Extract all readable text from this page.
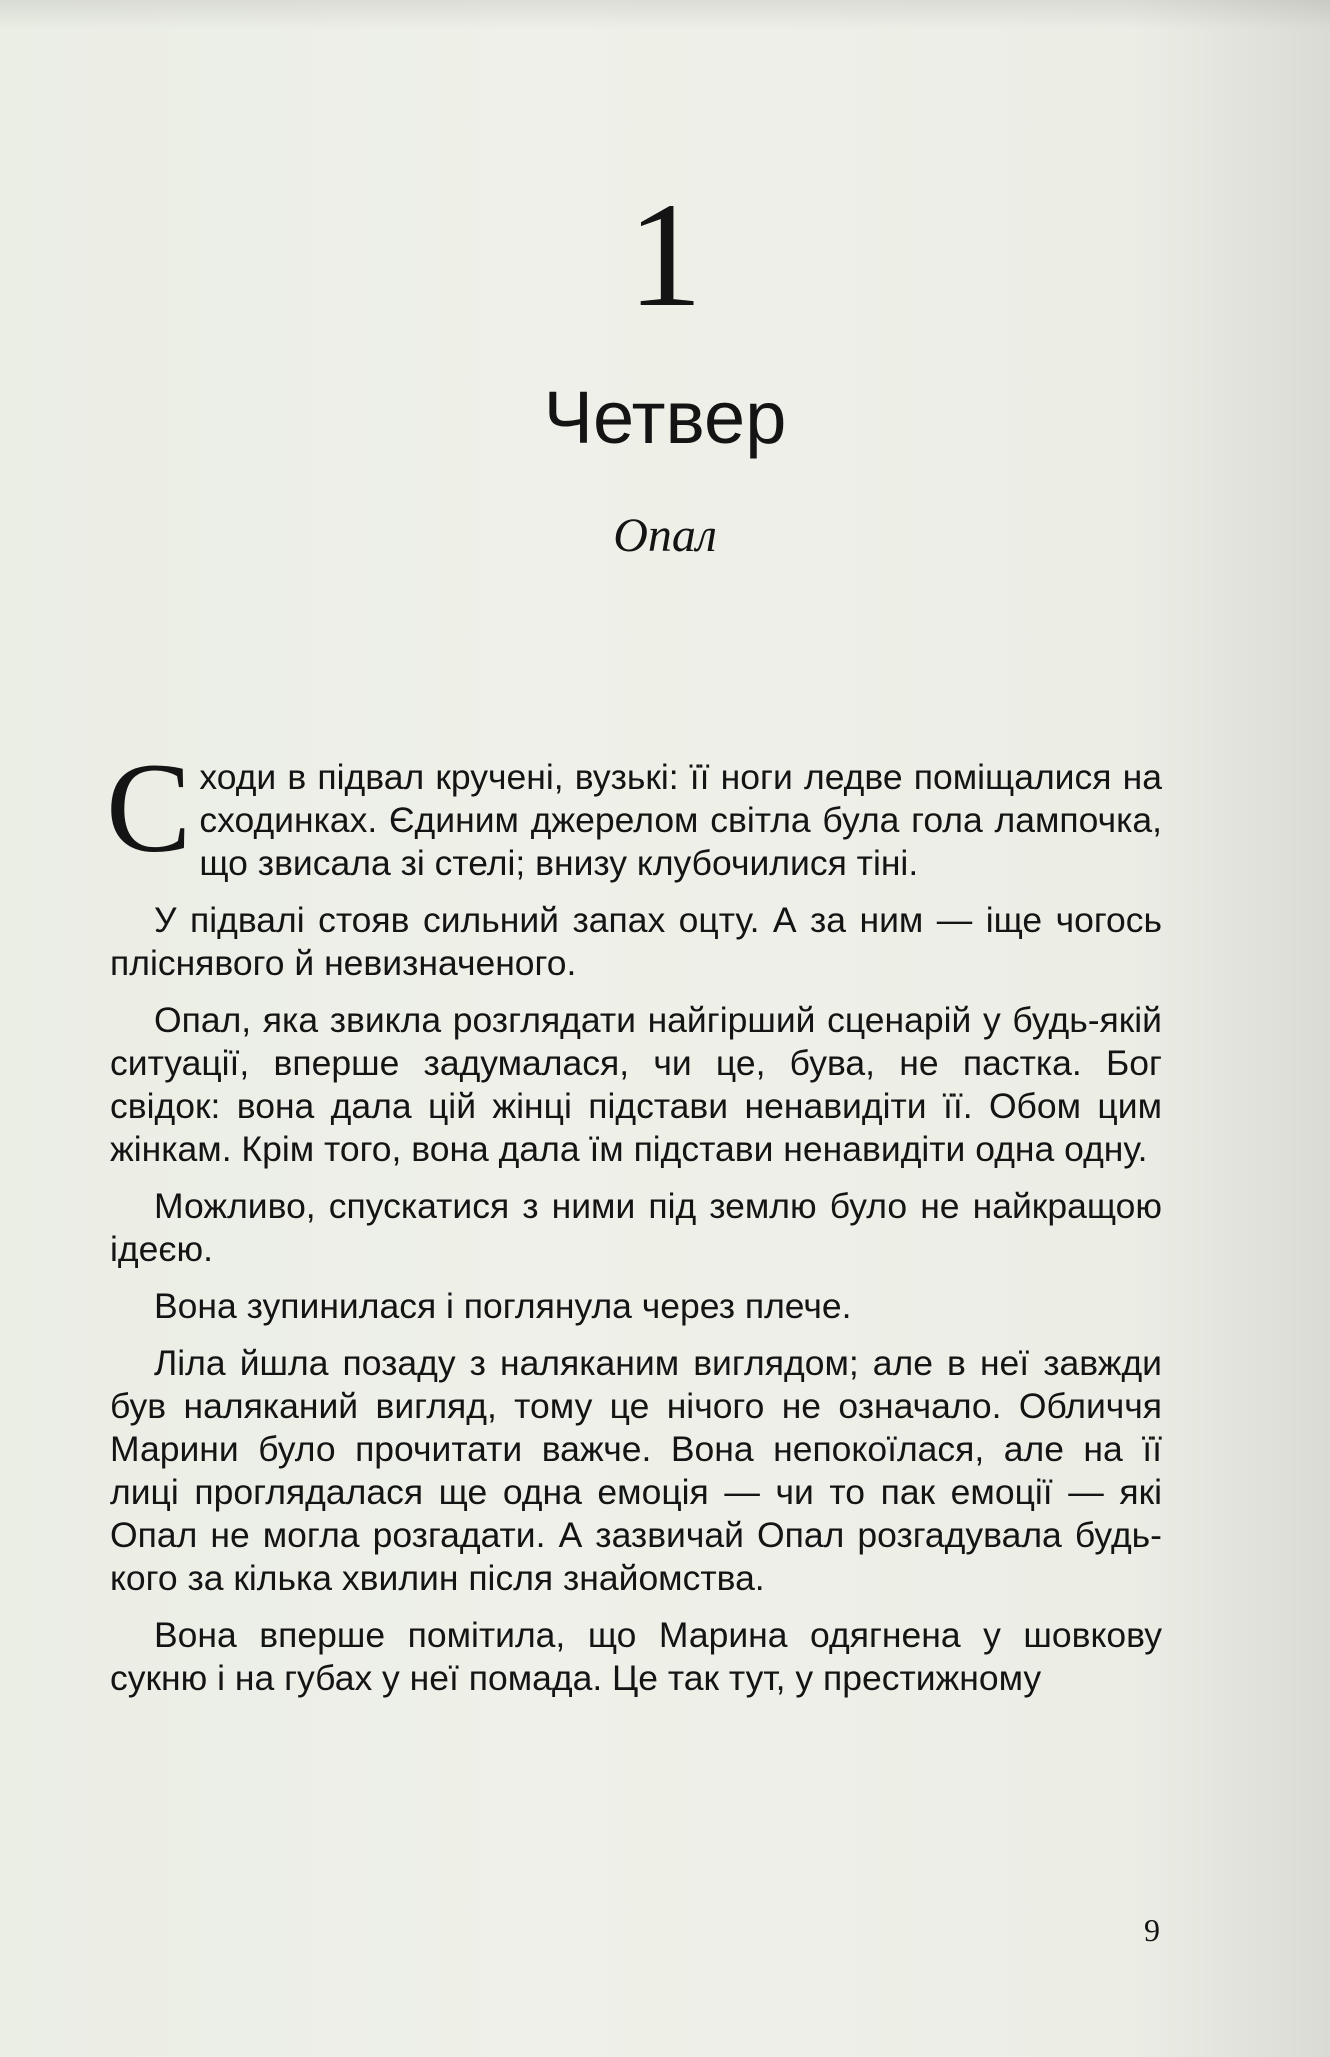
1
Четвер
Опал

Сходи в підвал кручені, вузькі: її ноги ледве поміщалися на сходинках. Єдиним джерелом світла була гола лампочка, що звисала зі стелі; внизу клубочилися тіні.

У підвалі стояв сильний запах оцту. А за ним — іще чогось пліснявого й невизначеного.

Опал, яка звикла розглядати найгірший сценарій у будь-якій ситуації, вперше задумалася, чи це, бува, не пастка. Бог свідок: вона дала цій жінці підстави ненавидіти її. Обом цим жінкам. Крім того, вона дала їм підстави ненавидіти одна одну.

Можливо, спускатися з ними під землю було не найкращою ідеєю.

Вона зупинилася і поглянула через плече.

Ліла йшла позаду з наляканим виглядом; але в неї завжди був наляканий вигляд, тому це нічого не означало. Обличчя Марини було прочитати важче. Вона непокоїлася, але на її лиці проглядалася ще одна емоція — чи то пак емоції — які Опал не могла розгадати. А зазвичай Опал розгадувала будь-кого за кілька хвилин після знайомства.

Вона вперше помітила, що Марина одягнена у шовкову сукню і на губах у неї помада. Це так тут, у престижному

9
